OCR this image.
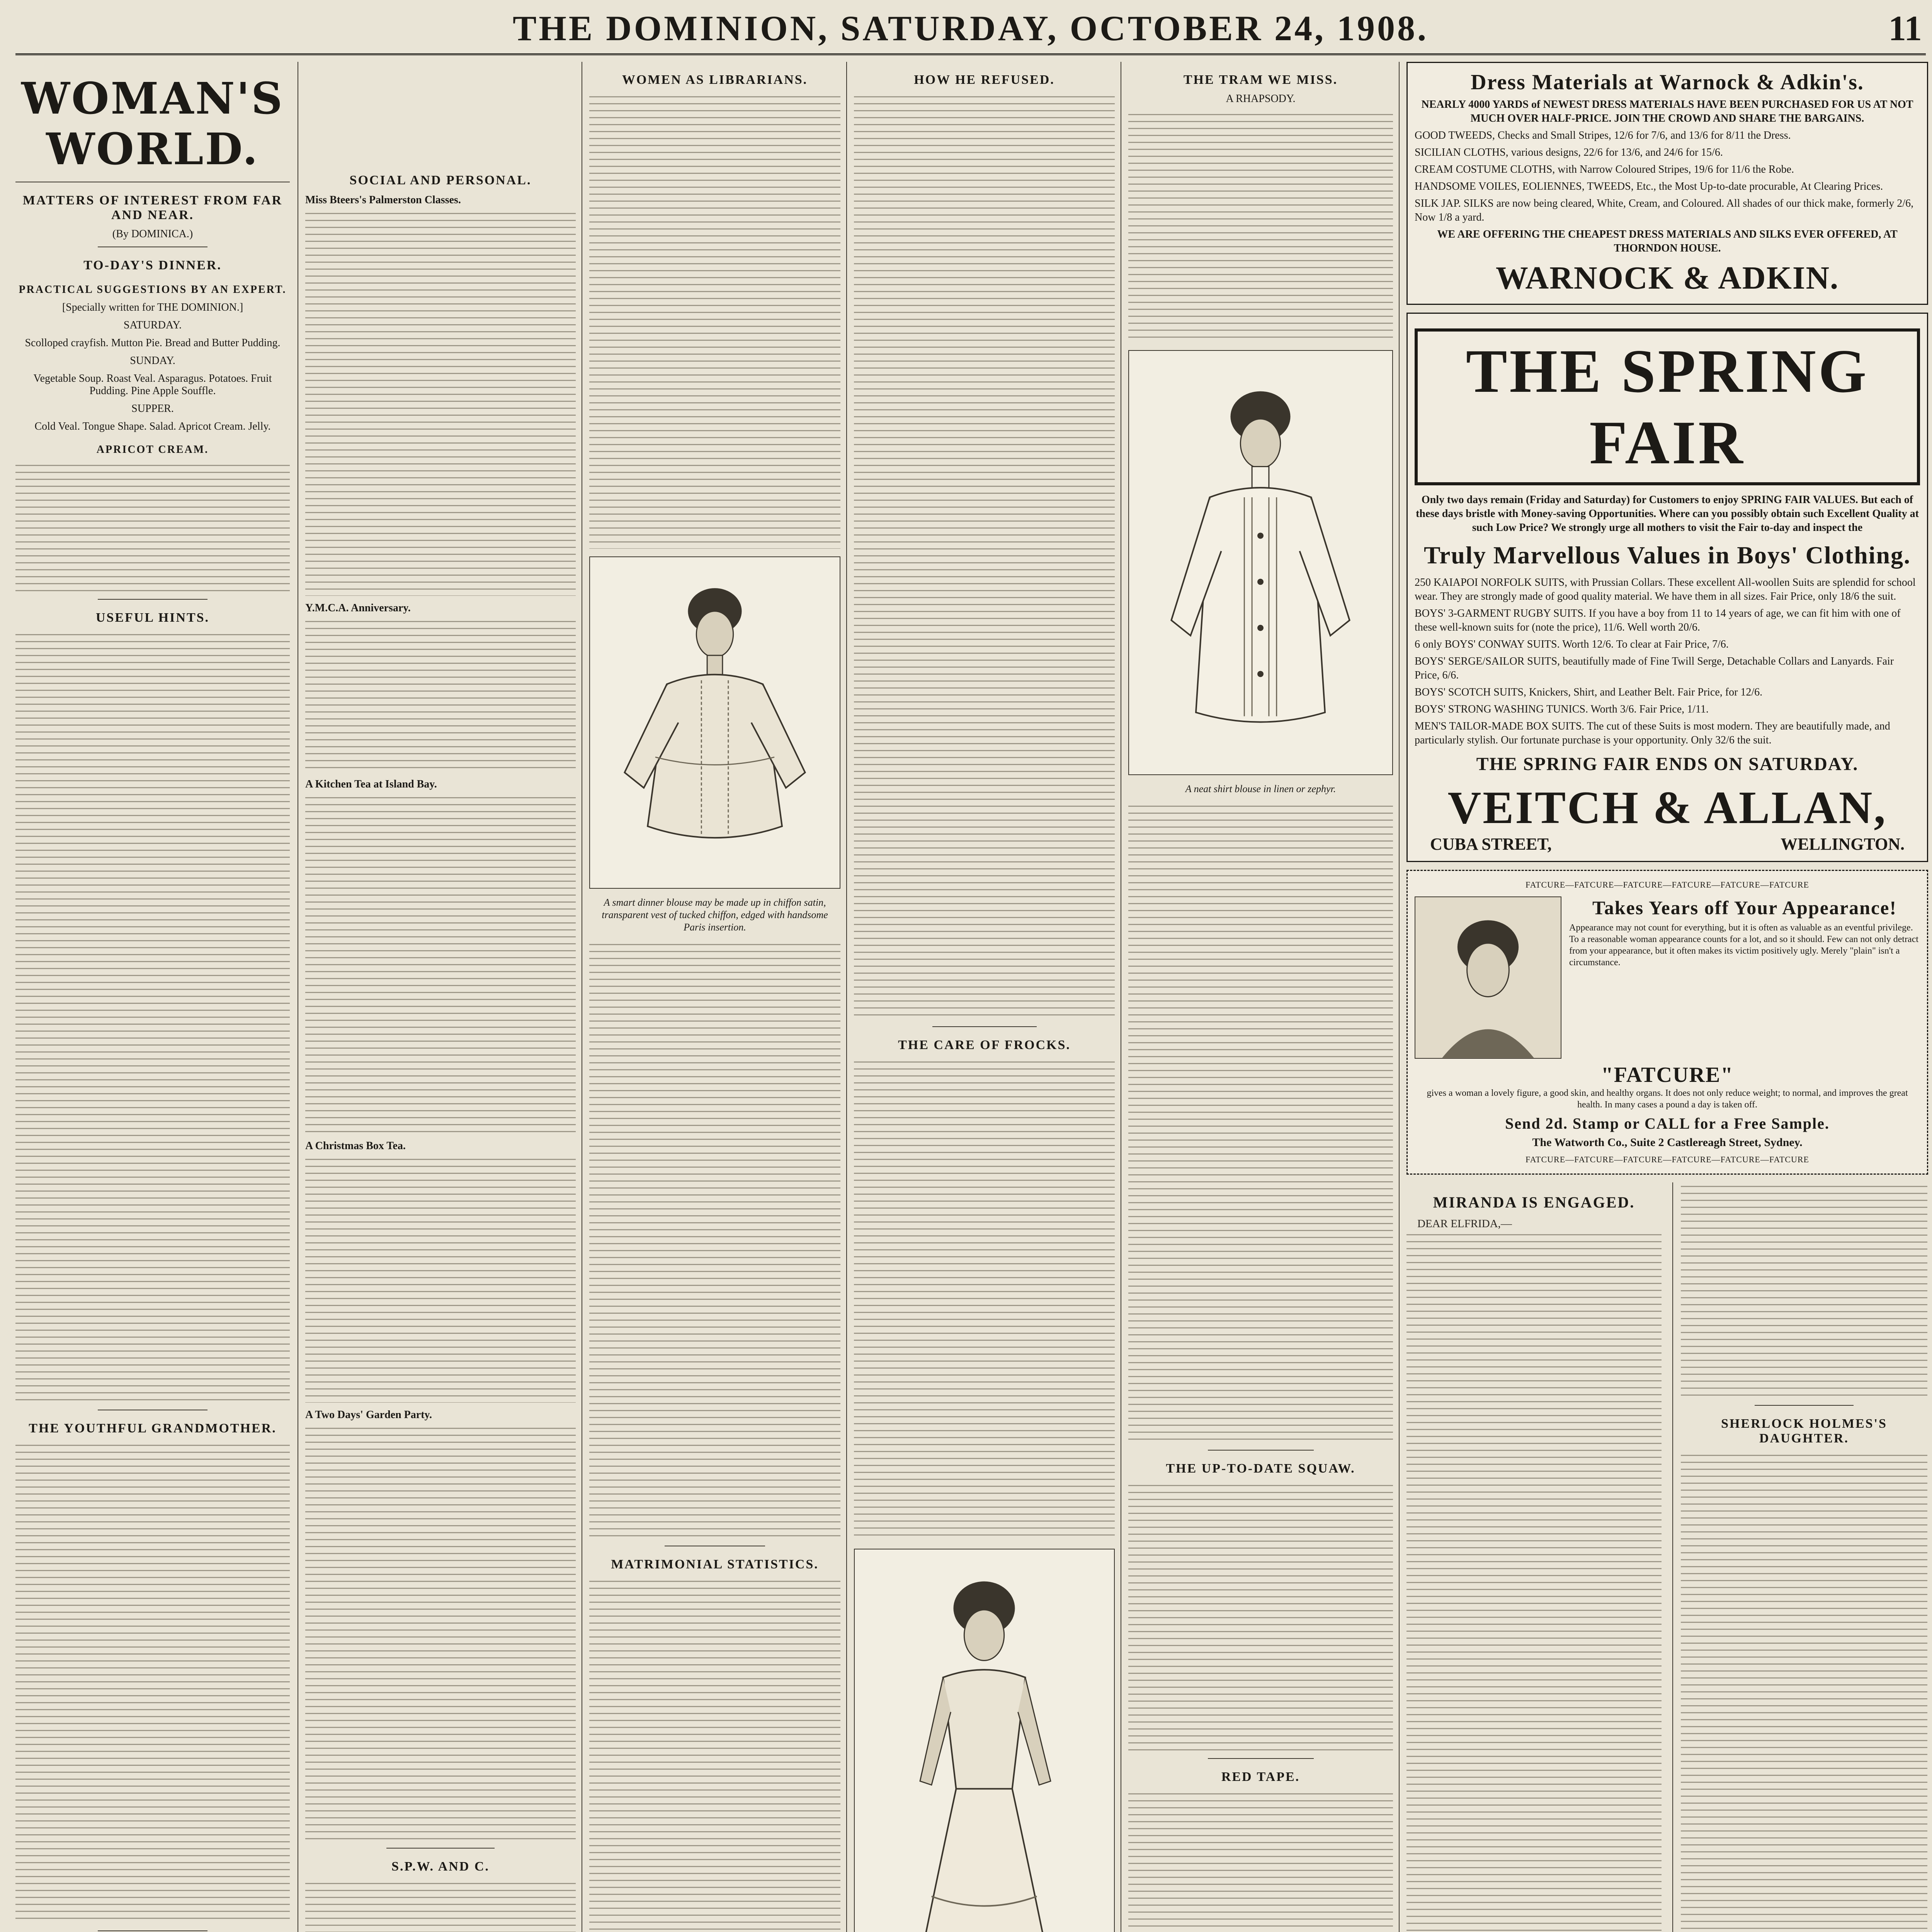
THE DOMINION, SATURDAY, OCTOBER 24, 1908.	11
WOMAN'S WORLD.
MATTERS OF INTEREST FROM FAR AND NEAR.
(By DOMINICA.)
TO-DAY'S DINNER.
PRACTICAL SUGGESTIONS BY AN EXPERT.
[Specially written for THE DOMINION.]
SATURDAY.
Scolloped crayfish. Mutton Pie. Bread and Butter Pudding.
SUNDAY.
Vegetable Soup. Roast Veal. Asparagus. Potatoes. Fruit Pudding. Pine Apple Souffle.
SUPPER.
Cold Veal. Tongue Shape. Salad. Apricot Cream. Jelly.
APRICOT CREAM.
USEFUL HINTS.
THE YOUTHFUL GRANDMOTHER.
SOCIAL AND PERSONAL.
Miss Bteers's Palmerston Classes.
Y.M.C.A. Anniversary.
A Kitchen Tea at Island Bay.
A Christmas Box Tea.
A Two Days' Garden Party.
S.P.W. AND C.
WOMEN AS LIBRARIANS.
A smart dinner blouse may be made up in chiffon satin, transparent vest of tucked chiffon, edged with handsome Paris insertion.
MATRIMONIAL STATISTICS.
HOW HE REFUSED.
THE CARE OF FROCKS.
THE TRAM WE MISS.
A RHAPSODY.
A neat shirt blouse in linen or zephyr.
THE UP-TO-DATE SQUAW.
RED TAPE.

Dress Materials at Warnock & Adkin's.
NEARLY 4000 YARDS of NEWEST DRESS MATERIALS HAVE BEEN PURCHASED FOR US AT NOT MUCH OVER HALF-PRICE. JOIN THE CROWD AND SHARE THE BARGAINS.
GOOD TWEEDS, Checks and Small Stripes, 12/6 for 7/6, and 13/6 for 8/11 the Dress.
SICILIAN CLOTHS, various designs, 22/6 for 13/6, and 24/6 for 15/6.
CREAM COSTUME CLOTHS, with Narrow Coloured Stripes, 19/6 for 11/6 the Robe.
HANDSOME VOILES, EOLIENNES, TWEEDS, Etc., the Most Up-to-date procurable, At Clearing Prices.
SILK JAP. SILKS are now being cleared, White, Cream, and Coloured. All shades of our thick make, formerly 2/6, Now 1/8 a yard.
WE ARE OFFERING THE CHEAPEST DRESS MATERIALS AND SILKS EVER OFFERED, AT THORNDON HOUSE.
WARNOCK & ADKIN.
THE SPRING FAIR
Only two days remain (Friday and Saturday) for Customers to enjoy SPRING FAIR VALUES. But each of these days bristle with Money-saving Opportunities. Where can you possibly obtain such Excellent Quality at such Low Price? We strongly urge all mothers to visit the Fair to-day and inspect the
Truly Marvellous Values in Boys' Clothing.
250 KAIAPOI NORFOLK SUITS, with Prussian Collars. These excellent All-woollen Suits are splendid for school wear. They are strongly made of good quality material. We have them in all sizes. Fair Price, only 18/6 the suit.
BOYS' 3-GARMENT RUGBY SUITS. If you have a boy from 11 to 14 years of age, we can fit him with one of these well-known suits for (note the price), 11/6. Well worth 20/6.
6 only BOYS' CONWAY SUITS. Worth 12/6. To clear at Fair Price, 7/6.
BOYS' SERGE/SAILOR SUITS, beautifully made of Fine Twill Serge, Detachable Collars and Lanyards. Fair Price, 6/6.
BOYS' SCOTCH SUITS, Knickers, Shirt, and Leather Belt. Fair Price, for 12/6.
BOYS' STRONG WASHING TUNICS. Worth 3/6. Fair Price, 1/11.
MEN'S TAILOR-MADE BOX SUITS. The cut of these Suits is most modern. They are beautifully made, and particularly stylish. Our fortunate purchase is your opportunity. Only 32/6 the suit.
THE SPRING FAIR ENDS ON SATURDAY.
VEITCH & ALLAN,
CUBA STREET,	WELLINGTON.
FATCURE—FATCURE—FATCURE—FATCURE—FATCURE—FATCURE
Takes Years off Your Appearance!
Appearance may not count for everything, but it is often as valuable as an eventful privilege. To a reasonable woman appearance counts for a lot, and so it should. Few can not only detract from your appearance, but it often makes its victim positively ugly. Merely "plain" isn't a circumstance.
"FATCURE"
gives a woman a lovely figure, a good skin, and healthy organs. It does not only reduce weight; to normal, and improves the great health. In many cases a pound a day is taken off.
Send 2d. Stamp or CALL for a Free Sample.
The Watworth Co., Suite 2 Castlereagh Street, Sydney.
FATCURE—FATCURE—FATCURE—FATCURE—FATCURE—FATCURE
MIRANDA IS ENGAGED.
DEAR ELFRIDA,—
SHERLOCK HOLMES'S DAUGHTER.
